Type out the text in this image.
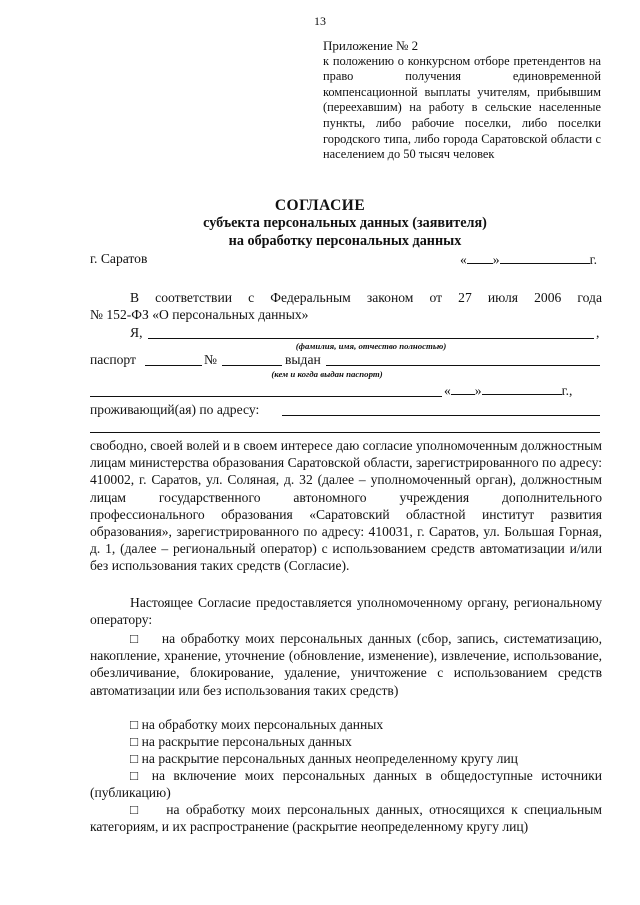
13
Приложение № 2
к положению о конкурсном отборе претендентов на право получения единовременной компенсационной выплаты учителям, прибывшим (переехавшим) на работу в сельские населенные пункты, либо рабочие поселки, либо поселки городского типа, либо города Саратовской области с населением до 50 тысяч человек
СОГЛАСИЕ
субъекта персональных данных (заявителя)
на обработку персональных данных
г. Саратов	« »	г.
В соответствии с Федеральным законом от 27 июля 2006 года
№ 152-ФЗ «О персональных данных»
Я,	,
(фамилия, имя, отчество полностью)
паспорт	№	выдан
(кем и когда выдан паспорт)
« »	г.,
проживающий(ая) по адресу:
свободно, своей волей и в своем интересе даю согласие уполномоченным должностным лицам министерства образования Саратовской области, зарегистрированного по адресу: 410002, г. Саратов, ул. Соляная, д. 32 (далее – уполномоченный орган), должностным лицам государственного автономного учреждения дополнительного профессионального образования «Саратовский областной институт развития образования», зарегистрированного по адресу: 410031, г. Саратов, ул. Большая Горная, д. 1, (далее – региональный оператор) с использованием средств автоматизации и/или без использования таких средств (Согласие).
Настоящее Согласие предоставляется уполномоченному органу, региональному оператору:
□ на обработку моих персональных данных (сбор, запись, систематизацию, накопление, хранение, уточнение (обновление, изменение), извлечение, использование, обезличивание, блокирование, удаление, уничтожение с использованием средств автоматизации или без использования таких средств)
□ на обработку моих персональных данных
□ на раскрытие персональных данных
□ на раскрытие персональных данных неопределенному кругу лиц
□ на включение моих персональных данных в общедоступные источники (публикацию)
□ на обработку моих персональных данных, относящихся к специальным категориям, и их распространение (раскрытие неопределенному кругу лиц)
